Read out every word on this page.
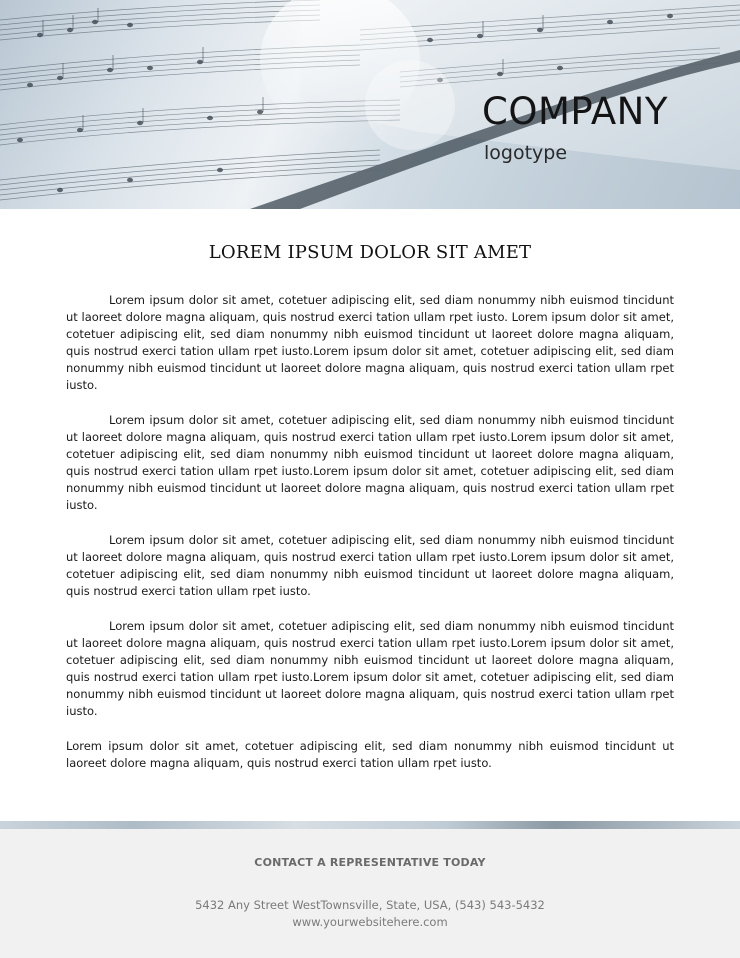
COMPANY
logotype
LOREM IPSUM DOLOR SIT AMET

Lorem ipsum dolor sit amet, cotetuer adipiscing elit, sed diam nonummy nibh euismod tincidunt ut laoreet dolore magna aliquam, quis nostrud exerci tation ullam rpet iusto. Lorem ipsum dolor sit amet, cotetuer adipiscing elit, sed diam nonummy nibh euismod tincidunt ut laoreet dolore magna aliquam, quis nostrud exerci tation ullam rpet iusto.Lorem ipsum dolor sit amet, cotetuer adipiscing elit, sed diam nonummy nibh euismod tincidunt ut laoreet dolore magna aliquam, quis nostrud exerci tation ullam rpet iusto.

Lorem ipsum dolor sit amet, cotetuer adipiscing elit, sed diam nonummy nibh euismod tincidunt ut laoreet dolore magna aliquam, quis nostrud exerci tation ullam rpet iusto.Lorem ipsum dolor sit amet, cotetuer adipiscing elit, sed diam nonummy nibh euismod tincidunt ut laoreet dolore magna aliquam, quis nostrud exerci tation ullam rpet iusto.Lorem ipsum dolor sit amet, cotetuer adipiscing elit, sed diam nonummy nibh euismod tincidunt ut laoreet dolore magna aliquam, quis nostrud exerci tation ullam rpet iusto.

Lorem ipsum dolor sit amet, cotetuer adipiscing elit, sed diam nonummy nibh euismod tincidunt ut laoreet dolore magna aliquam, quis nostrud exerci tation ullam rpet iusto.Lorem ipsum dolor sit amet, cotetuer adipiscing elit, sed diam nonummy nibh euismod tincidunt ut laoreet dolore magna aliquam, quis nostrud exerci tation ullam rpet iusto.

Lorem ipsum dolor sit amet, cotetuer adipiscing elit, sed diam nonummy nibh euismod tincidunt ut laoreet dolore magna aliquam, quis nostrud exerci tation ullam rpet iusto.Lorem ipsum dolor sit amet, cotetuer adipiscing elit, sed diam nonummy nibh euismod tincidunt ut laoreet dolore magna aliquam, quis nostrud exerci tation ullam rpet iusto.Lorem ipsum dolor sit amet, cotetuer adipiscing elit, sed diam nonummy nibh euismod tincidunt ut laoreet dolore magna aliquam, quis nostrud exerci tation ullam rpet iusto.

Lorem ipsum dolor sit amet, cotetuer adipiscing elit, sed diam nonummy nibh euismod tincidunt ut laoreet dolore magna aliquam, quis nostrud exerci tation ullam rpet iusto.

CONTACT A REPRESENTATIVE TODAY
5432 Any Street WestTownsville, State, USA, (543) 543-5432
www.yourwebsitehere.com
